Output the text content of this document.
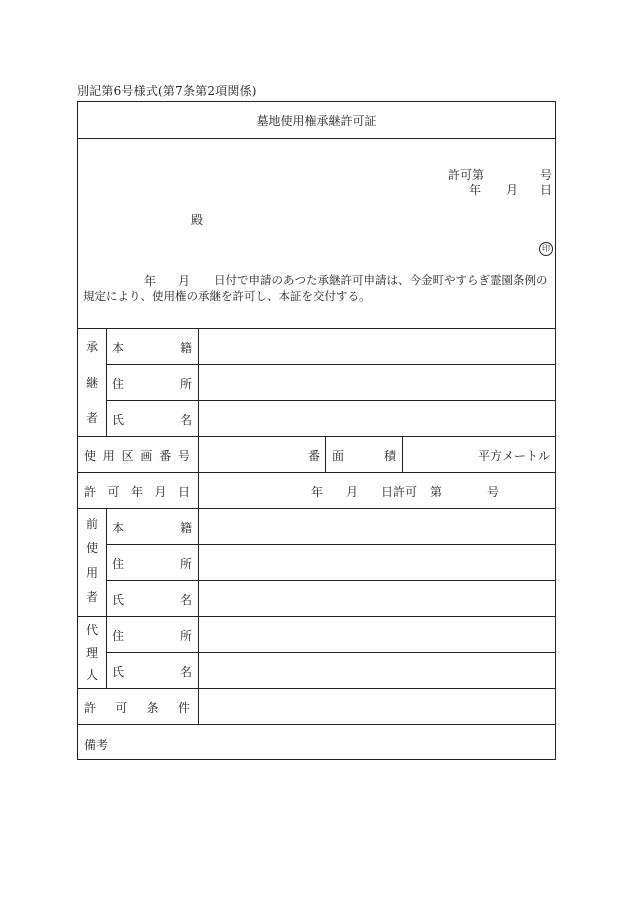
別記第6号様式(第7条第2項関係)
墓地使用権承継許可証
許可第	号
年 月 日
殿
印
年 月 日付で申請のあつた承継許可申請は、今金町やすらぎ霊園条例の
規定により、使用権の承継を許可し、本証を交付する。
承
継
者
本	籍
住	所
氏	名
使 用 区 画 番 号	番 面	積	平方メートル
許 可 年 月 日	年 月 日許可 第	号
前
使
用
者
本	籍
住	所
氏	名
代
理
人
住	所
氏	名
許 可 条 件
備考
